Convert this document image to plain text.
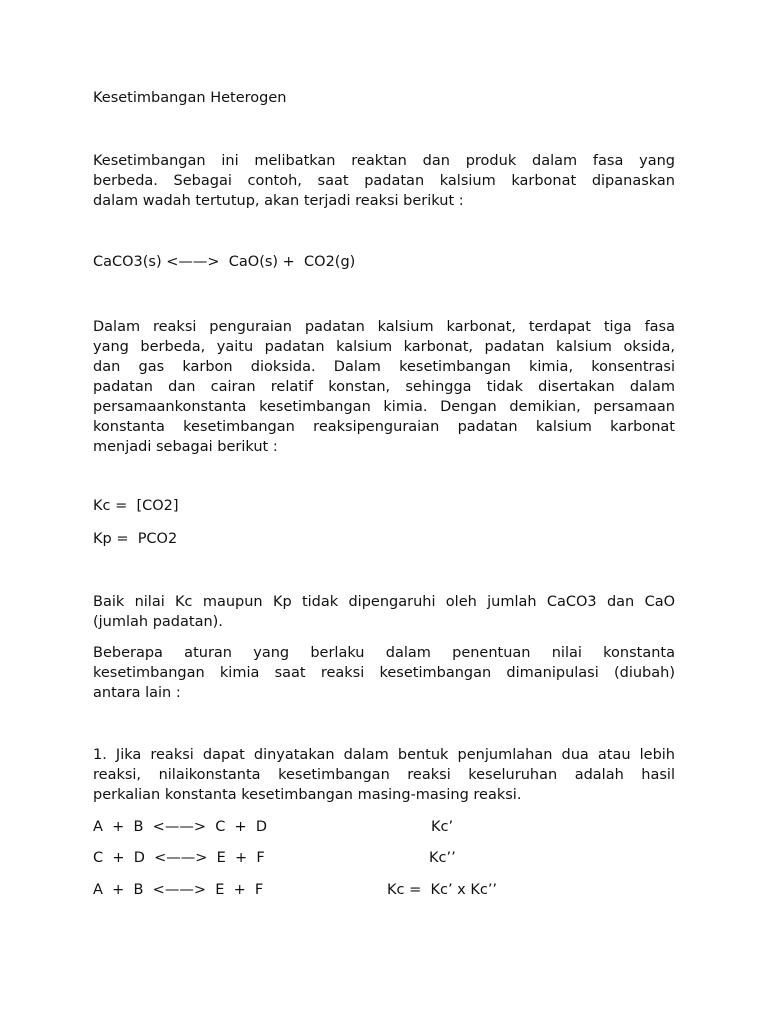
Kesetimbangan Heterogen
Kesetimbangan ini melibatkan reaktan dan produk dalam fasa yang
berbeda. Sebagai contoh, saat padatan kalsium karbonat dipanaskan
dalam wadah tertutup, akan terjadi reaksi berikut :
CaCO3(s) <——>  CaO(s) +  CO2(g)
Dalam reaksi penguraian padatan kalsium karbonat, terdapat tiga fasa
yang berbeda, yaitu padatan kalsium karbonat, padatan kalsium oksida,
dan gas karbon dioksida. Dalam kesetimbangan kimia, konsentrasi
padatan dan cairan relatif konstan, sehingga tidak disertakan dalam
persamaankonstanta kesetimbangan kimia. Dengan demikian, persamaan
konstanta kesetimbangan reaksipenguraian padatan kalsium karbonat
menjadi sebagai berikut :
Kc =  [CO2]
Kp =  PCO2
Baik nilai Kc maupun Kp tidak dipengaruhi oleh jumlah CaCO3 dan CaO
(jumlah padatan).
Beberapa aturan yang berlaku dalam penentuan nilai konstanta
kesetimbangan kimia saat reaksi kesetimbangan dimanipulasi (diubah)
antara lain :
1. Jika reaksi dapat dinyatakan dalam bentuk penjumlahan dua atau lebih
reaksi, nilaikonstanta kesetimbangan reaksi keseluruhan adalah hasil
perkalian konstanta kesetimbangan masing-masing reaksi.
A  +  B  <——>  C  +  D	Kc’
C  +  D  <——>  E  +  F	Kc’’
A  +  B  <——>  E  +  F	Kc =  Kc’ x Kc’’
